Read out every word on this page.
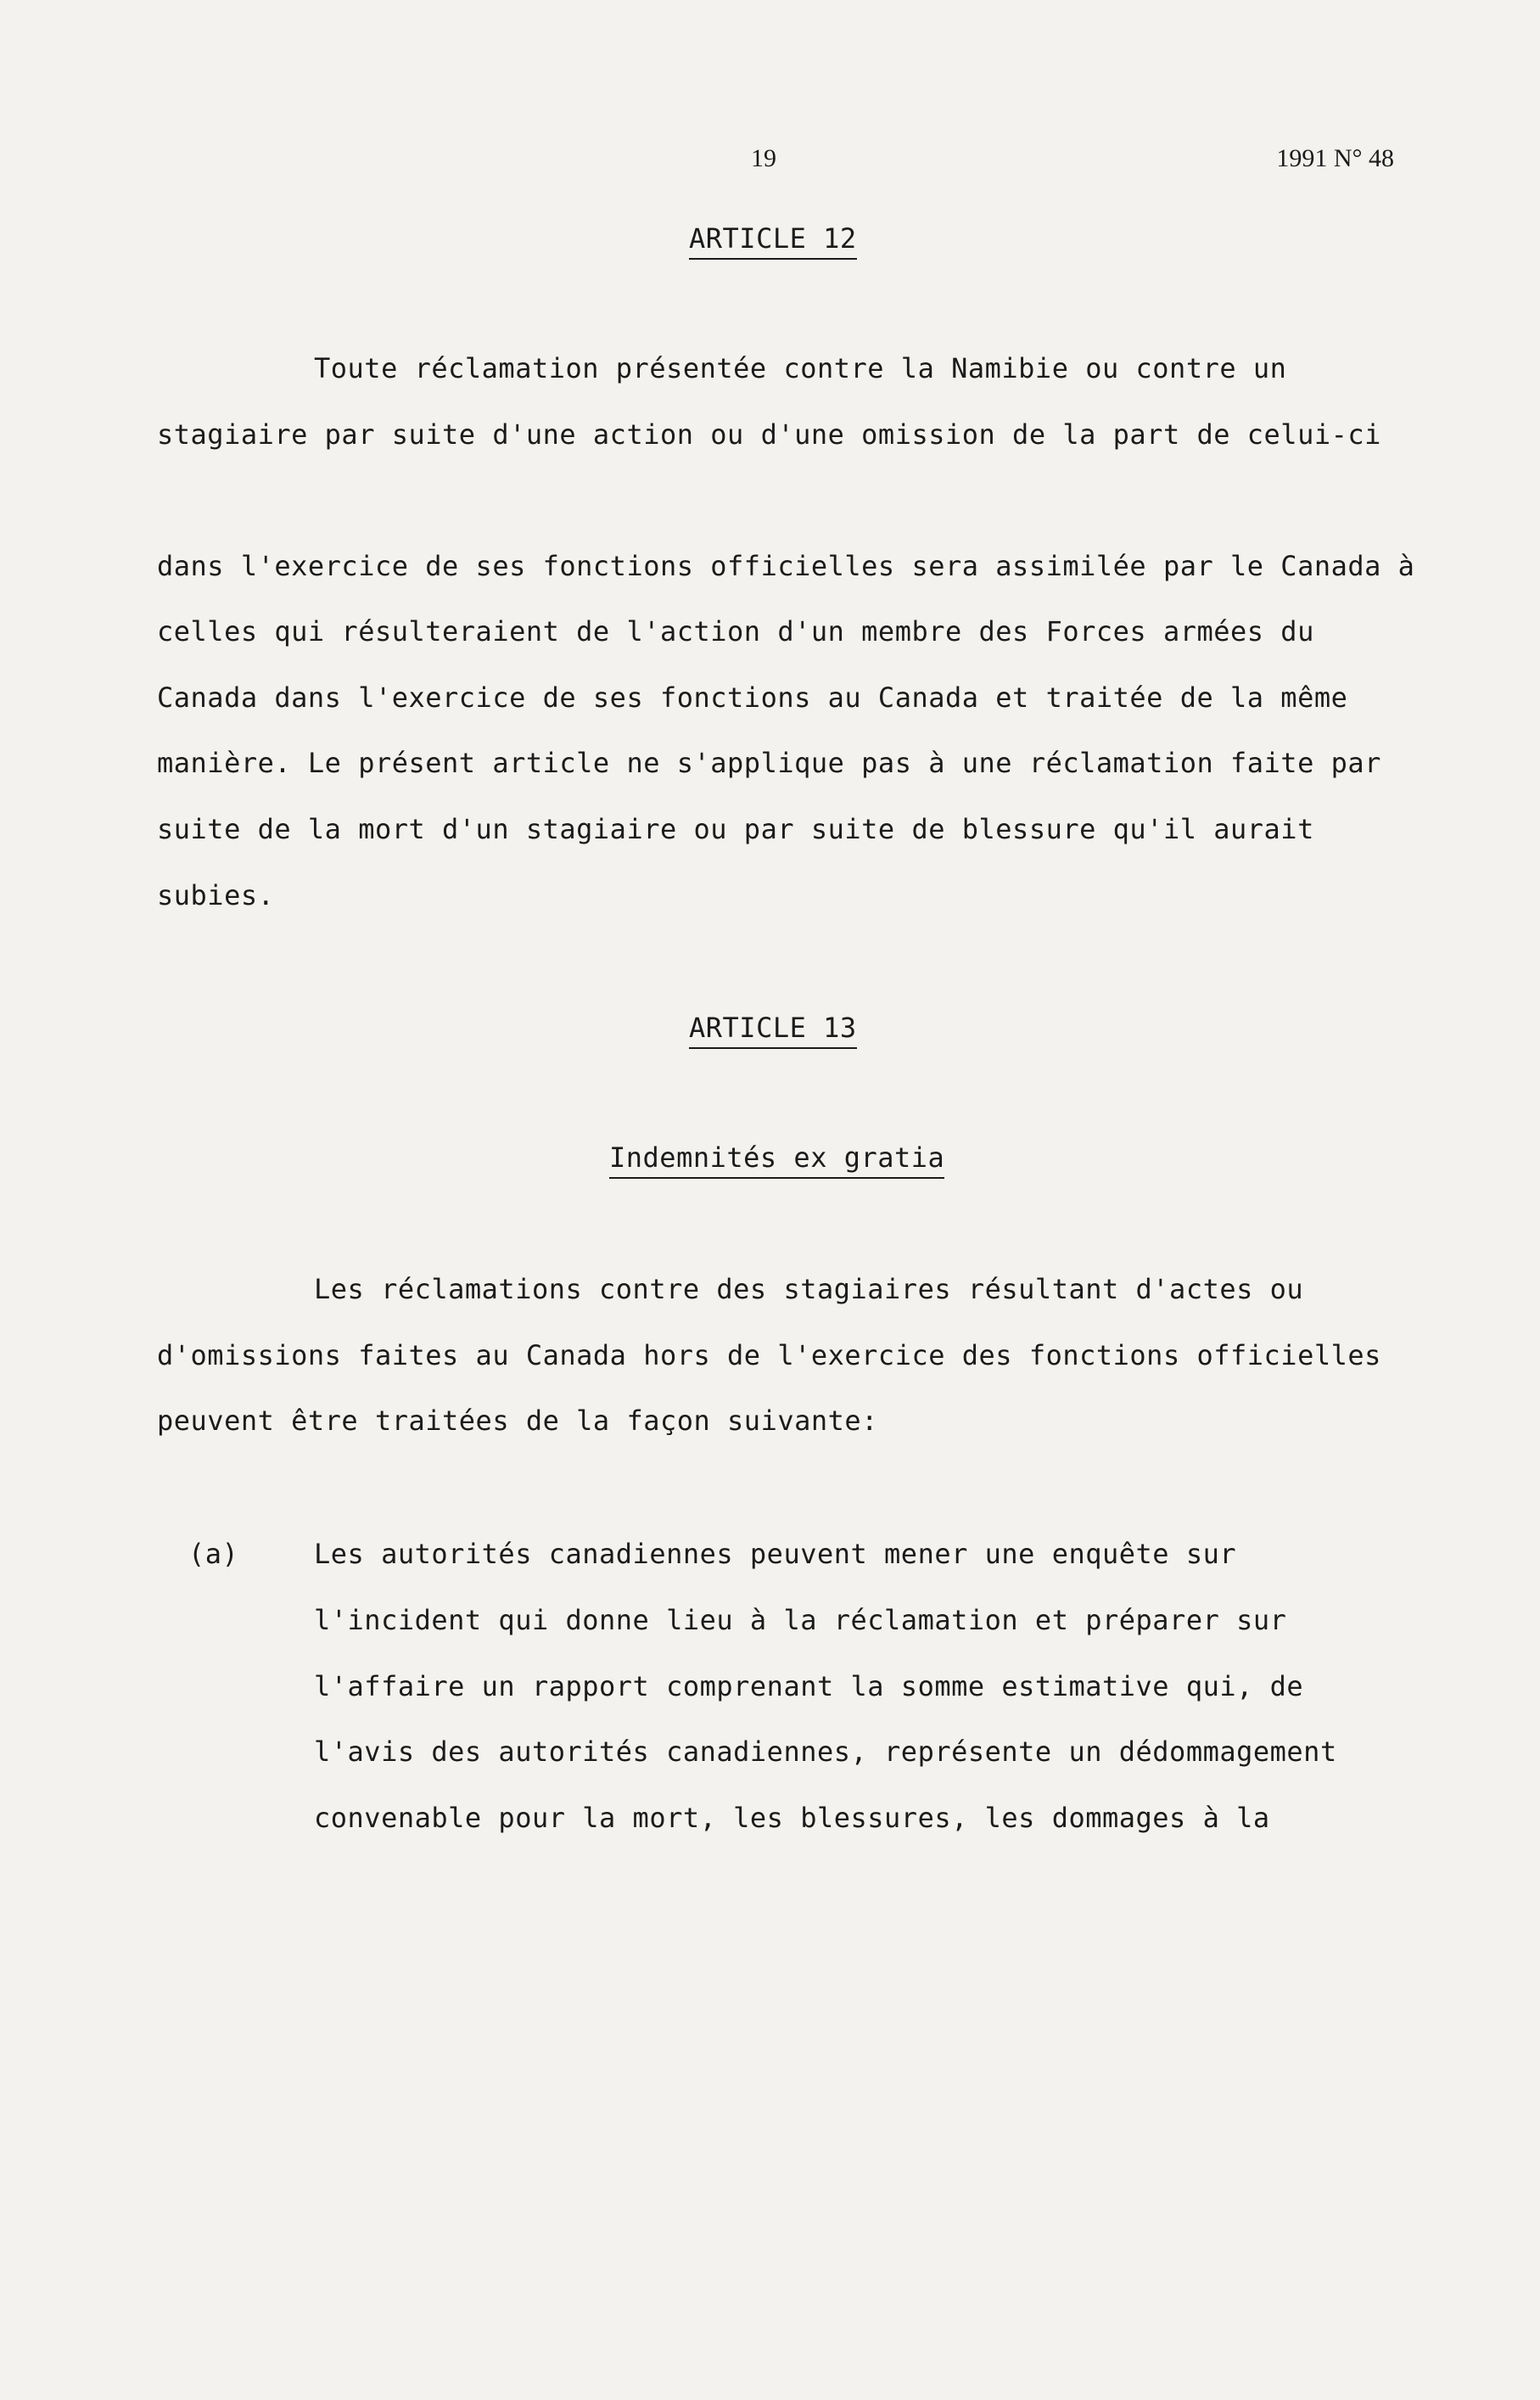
19	1991 N° 48
ARTICLE 12
Toute réclamation présentée contre la Namibie ou contre un
stagiaire par suite d'une action ou d'une omission de la part de celui-ci
dans l'exercice de ses fonctions officielles sera assimilée par le Canada à
celles qui résulteraient de l'action d'un membre des Forces armées du
Canada dans l'exercice de ses fonctions au Canada et traitée de la même
manière. Le présent article ne s'applique pas à une réclamation faite par
suite de la mort d'un stagiaire ou par suite de blessure qu'il aurait
subies.
ARTICLE 13
Indemnités ex gratia
Les réclamations contre des stagiaires résultant d'actes ou
d'omissions faites au Canada hors de l'exercice des fonctions officielles
peuvent être traitées de la façon suivante:
(a)	Les autorités canadiennes peuvent mener une enquête sur
l'incident qui donne lieu à la réclamation et préparer sur
l'affaire un rapport comprenant la somme estimative qui, de
l'avis des autorités canadiennes, représente un dédommagement
convenable pour la mort, les blessures, les dommages à la
